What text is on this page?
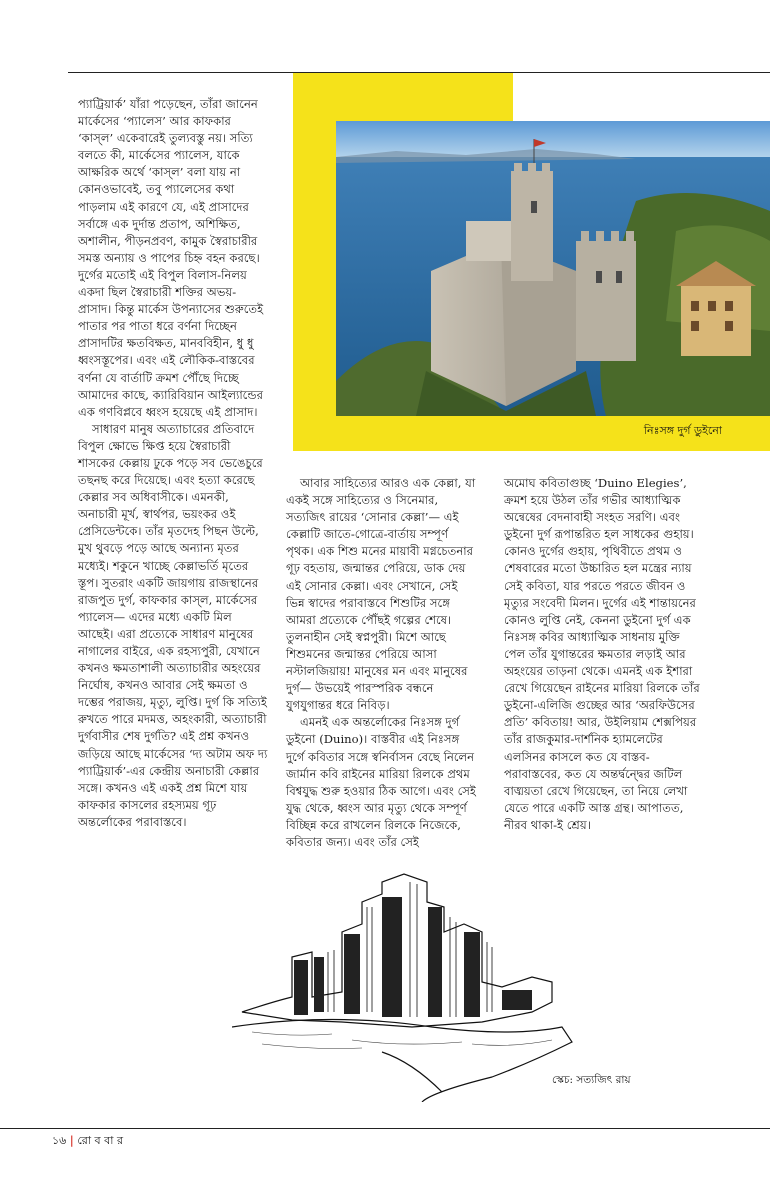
নিঃসঙ্গ দুর্গ ডুইনো

প্যাট্রিয়ার্ক’ যাঁরা পড়েছেন, তাঁরা জানেন মার্কেসের ‘প্যালেস’ আর কাফকার ‘কাস্‌ল’ একেবারেই তুল্যবস্তু নয়। সত্যি বলতে কী, মার্কেসের প্যালেস, যাকে আক্ষরিক অর্থে ‘কাস্‌ল’ বলা যায় না কোনওভাবেই, তবু প্যালেসের কথা পাড়লাম এই কারণে যে, এই প্রাসাদের সর্বাঙ্গে এক দুর্দান্ত প্রতাপ, অশিক্ষিত, অশালীন, পীড়নপ্রবণ, কামুক স্বৈরাচারীর সমস্ত অন্যায় ও পাপের চিহ্ন বহন করছে। দুর্গের মতোই এই বিপুল বিলাস-নিলয় একদা ছিল স্বৈরাচারী শক্তির অভয়-প্রাসাদ। কিন্তু মার্কেস উপন্যাসের শুরুতেই পাতার পর পাতা ধরে বর্ণনা দিচ্ছেন প্রাসাদটির ক্ষতবিক্ষত, মানববিহীন, ধু ধু ধ্বংসস্তূপের। এবং এই লৌকিক-বাস্তবের বর্ণনা যে বার্তাটি ক্রমশ পৌঁছে দিচ্ছে আমাদের কাছে, ক্যারিবিয়ান আইল্যান্ডের এক গণবিপ্লবে ধ্বংস হয়েছে এই প্রাসাদ।

সাধারণ মানুষ অত্যাচারের প্রতিবাদে বিপুল ক্ষোভে ক্ষিপ্ত হয়ে স্বৈরাচারী শাসকের কেল্লায় ঢুকে পড়ে সব ভেঙেচুরে তছনছ করে দিয়েছে। এবং হত্যা করেছে কেল্লার সব অধিবাসীকে। এমনকী, অনাচারী মূর্খ, স্বার্থপর, ভয়ংকর ওই প্রেসিডেন্টকে। তাঁর মৃতদেহ পিছন উল্টে, মুখ থুবড়ে পড়ে আছে অন্যান্য মৃতর মধ্যেই। শকুনে খাচ্ছে কেল্লাভর্তি মৃতের স্তূপ। সুতরাং একটি জায়গায় রাজস্থানের রাজপুত দুর্গ, কাফকার কাস্‌ল, মার্কেসের প্যালেস— এদের মধ্যে একটি মিল আছেই। এরা প্রত্যেকে সাধারণ মানুষের নাগালের বাইরে, এক রহস্যপুরী, যেখানে কখনও ক্ষমতাশালী অত্যাচারীর অহংয়ের নির্ঘোষ, কখনও আবার সেই ক্ষমতা ও দম্ভের পরাজয়, মৃত্যু, লুপ্তি। দুর্গ কি সত্যিই রুখতে পারে মদমত্ত, অহংকারী, অত্যাচারী দুর্গবাসীর শেষ দুর্গতি? এই প্রশ্ন কখনও জড়িয়ে আছে মার্কেসের ‘দ্য অটাম অফ দ্য প্যাট্রিয়ার্ক’-এর কেন্দ্রীয় অনাচারী কেল্লার সঙ্গে। কখনও এই একই প্রশ্ন মিশে যায় কাফকার কাসলের রহস্যময় গূঢ় অন্তর্লোকের পরাবাস্তবে।

আবার সাহিত্যের আরও এক কেল্লা, যা একই সঙ্গে সাহিত্যের ও সিনেমার, সত্যজিৎ রায়ের ‘সোনার কেল্লা’— এই কেল্লাটি জাতে-গোত্রে-বার্তায় সম্পূর্ণ পৃথক। এক শিশু মনের মায়াবী মগ্নচেতনার গূঢ় বহতায়, জন্মান্তর পেরিয়ে, ডাক দেয় এই সোনার কেল্লা। এবং সেখানে, সেই ভিন্ন স্বাদের পরাবাস্তবে শিশুটির সঙ্গে আমরা প্রত্যেকে পৌঁছই গল্পের শেষে। তুলনাহীন সেই স্বপ্নপুরী। মিশে আছে শিশুমনের জন্মান্তর পেরিয়ে আসা নস্টালজিয়ায়! মানুষের মন এবং মানুষের দুর্গ— উভয়েই পারস্পরিক বন্ধনে যুগযুগান্তর ধরে নিবিড়।

এমনই এক অন্তর্লোকের নিঃসঙ্গ দুর্গ ডুইনো (Duino)। বাস্তবীর এই নিঃসঙ্গ দুর্গে কবিতার সঙ্গে স্বনির্বাসন বেছে নিলেন জার্মান কবি রাইনের মারিয়া রিলকে প্রথম বিশ্বযুদ্ধ শুরু হওয়ার ঠিক আগে। এবং সেই যুদ্ধ থেকে, ধ্বংস আর মৃত্যু থেকে সম্পূর্ণ বিচ্ছিন্ন করে রাখলেন রিলকে নিজেকে, কবিতার জন্য। এবং তাঁর সেই

অমোঘ কবিতাগুচ্ছ ‘Duino Elegies’, ক্রমশ হয়ে উঠল তাঁর গভীর আধ্যাত্মিক অন্বেষের বেদনাবাহী সংহত সরণি। এবং ডুইনো দুর্গ রূপান্তরিত হল সাধকের গুহায়। কোনও দুর্গের গুহায়, পৃথিবীতে প্রথম ও শেষবারের মতো উচ্চারিত হল মন্ত্রের ন্যায় সেই কবিতা, যার পরতে পরতে জীবন ও মৃত্যুর সংবেদী মিলন। দুর্গের এই শান্তায়নের কোনও লুপ্তি নেই, কেননা ডুইনো দুর্গ এক নিঃসঙ্গ কবির আধ্যাত্মিক সাধনায় মুক্তি পেল তাঁর যুগান্তরের ক্ষমতার লড়াই আর অহংয়ের তাড়না থেকে। এমনই এক ইশারা রেখে গিয়েছেন রাইনের মারিয়া রিলকে তাঁর ডুইনো-এলিজি গুচ্ছের আর ‘অরফিউসের প্রতি’ কবিতায়! আর, উইলিয়াম শেক্সপিয়র তাঁর রাজকুমার-দার্শনিক হ্যামলেটের এলসিনর কাসলে কত যে বাস্তব-পরাবাস্তবের, কত যে অন্তর্দ্বন্দ্বের জটিল বাঙ্ময়তা রেখে গিয়েছেন, তা নিয়ে লেখা যেতে পারে একটি আস্ত গ্রন্থ। আপাতত, নীরব থাকা-ই শ্রেয়।

স্কেচ: সত্যজিৎ রায়
১৬ | রো ব বা র
